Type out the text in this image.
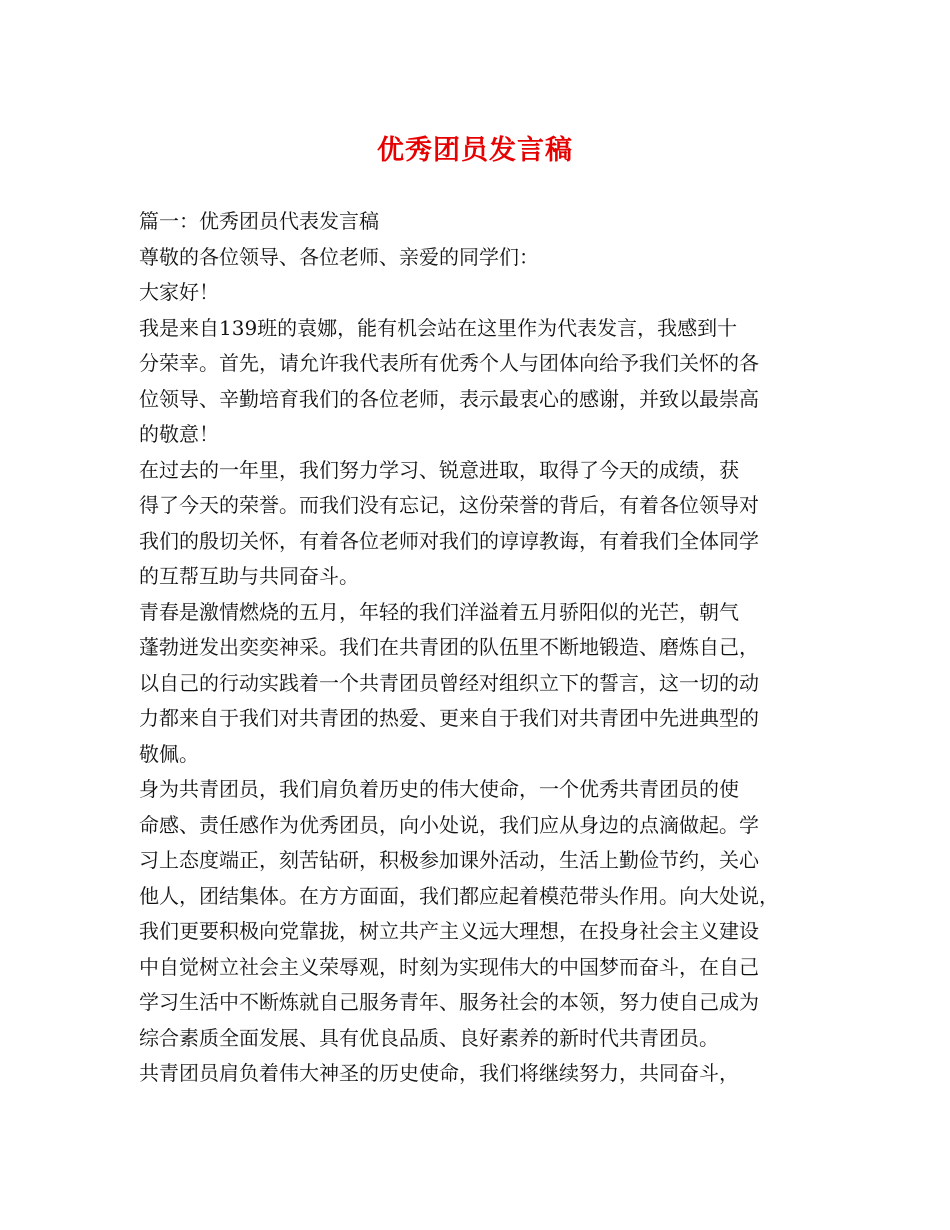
优秀团员发言稿
篇一：优秀团员代表发言稿
尊敬的各位领导、各位老师、亲爱的同学们：
大家好！
我是来自139班的袁娜，能有机会站在这里作为代表发言，我感到十
分荣幸。首先，请允许我代表所有优秀个人与团体向给予我们关怀的各
位领导、辛勤培育我们的各位老师，表示最衷心的感谢，并致以最崇高
的敬意！
在过去的一年里，我们努力学习、锐意进取，取得了今天的成绩，获
得了今天的荣誉。而我们没有忘记，这份荣誉的背后，有着各位领导对
我们的殷切关怀，有着各位老师对我们的谆谆教诲，有着我们全体同学
的互帮互助与共同奋斗。
青春是激情燃烧的五月，年轻的我们洋溢着五月骄阳似的光芒，朝气
蓬勃迸发出奕奕神采。我们在共青团的队伍里不断地锻造、磨炼自己，
以自己的行动实践着一个共青团员曾经对组织立下的誓言，这一切的动
力都来自于我们对共青团的热爱、更来自于我们对共青团中先进典型的
敬佩。
身为共青团员，我们肩负着历史的伟大使命，一个优秀共青团员的使
命感、责任感作为优秀团员，向小处说，我们应从身边的点滴做起。学
习上态度端正，刻苦钻研，积极参加课外活动，生活上勤俭节约，关心
他人，团结集体。在方方面面，我们都应起着模范带头作用。向大处说，
我们更要积极向党靠拢，树立共产主义远大理想，在投身社会主义建设
中自觉树立社会主义荣辱观，时刻为实现伟大的中国梦而奋斗，在自己
学习生活中不断炼就自己服务青年、服务社会的本领，努力使自己成为
综合素质全面发展、具有优良品质、良好素养的新时代共青团员。
共青团员肩负着伟大神圣的历史使命，我们将继续努力，共同奋斗，
